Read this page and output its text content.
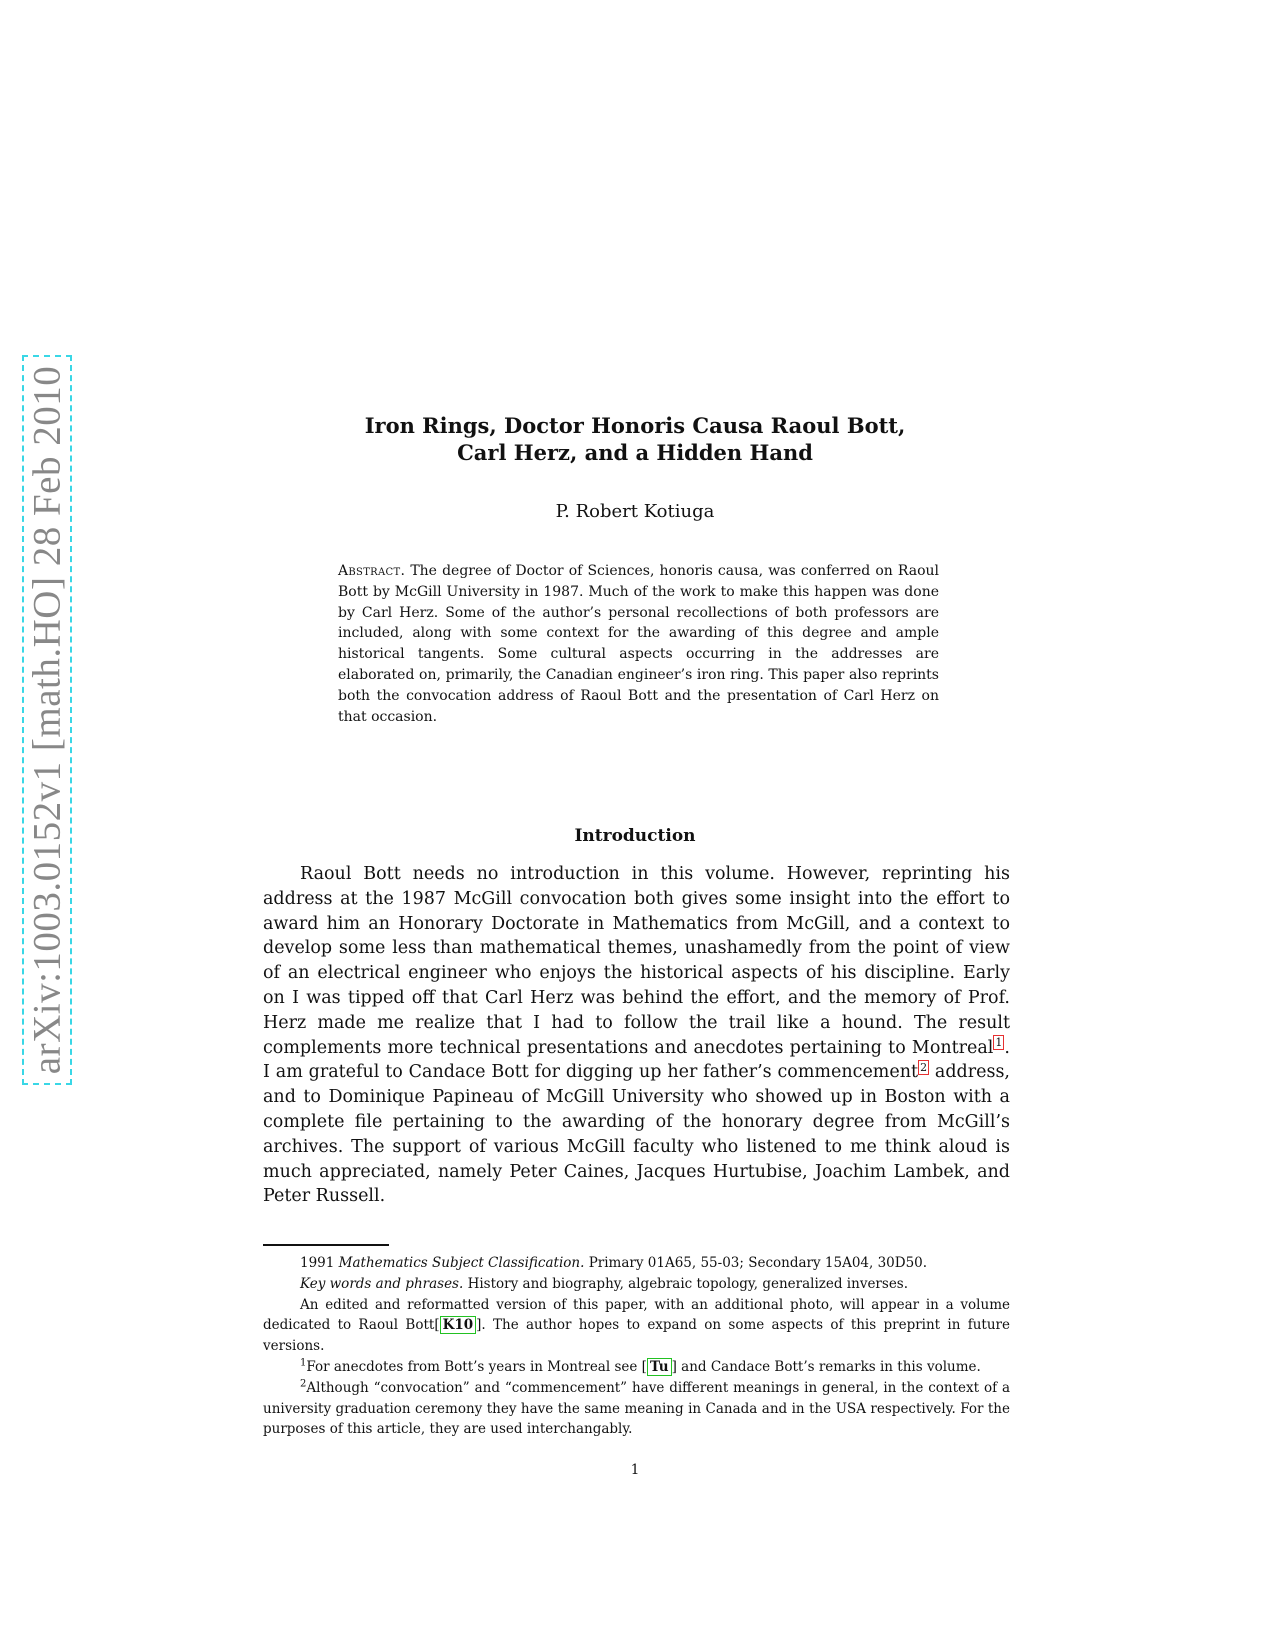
arXiv:1003.0152v1 [math.HO] 28 Feb 2010	Iron Rings, Doctor Honoris Causa Raoul Bott,
Carl Herz, and a Hidden Hand
P. Robert Kotiuga
Abstract. The degree of Doctor of Sciences, honoris causa, was conferred on Raoul Bott by McGill University in 1987. Much of the work to make this happen was done by Carl Herz. Some of the author’s personal recollections of both professors are included, along with some context for the awarding of this degree and ample historical tangents. Some cultural aspects occurring in the addresses are elaborated on, primarily, the Canadian engineer’s iron ring. This paper also reprints both the convocation address of Raoul Bott and the presentation of Carl Herz on that occasion.
Introduction
Raoul Bott needs no introduction in this volume. However, reprinting his address at the 1987 McGill convocation both gives some insight into the effort to award him an Honorary Doctorate in Mathematics from McGill, and a context to develop some less than mathematical themes, unashamedly from the point of view of an electrical engineer who enjoys the historical aspects of his discipline. Early on I was tipped off that Carl Herz was behind the effort, and the memory of Prof. Herz made me realize that I had to follow the trail like a hound. The result complements more technical presentations and anecdotes pertaining to Montreal $^1$ . I am grateful to Candace Bott for digging up her father’s commencement $^2$ address, and to Dominique Papineau of McGill University who showed up in Boston with a complete file pertaining to the awarding of the honorary degree from McGill’s archives. The support of various McGill faculty who listened to me think aloud is much appreciated, namely Peter Caines, Jacques Hurtubise, Joachim Lambek, and Peter Russell.

1991 Mathematics Subject Classification. Primary 01A65, 55-03; Secondary 15A04, 30D50.

Key words and phrases. History and biography, algebraic topology, generalized inverses.

An edited and reformatted version of this paper, with an additional photo, will appear in a volume dedicated to Raoul Bott[ K10 ]. The author hopes to expand on some aspects of this preprint in future versions.

$^1$For anecdotes from Bott’s years in Montreal see [ Tu ] and Candace Bott’s remarks in this volume.

$^2$Although “convocation” and “commencement” have different meanings in general, in the context of a university graduation ceremony they have the same meaning in Canada and in the USA respectively. For the purposes of this article, they are used interchangably.

1
